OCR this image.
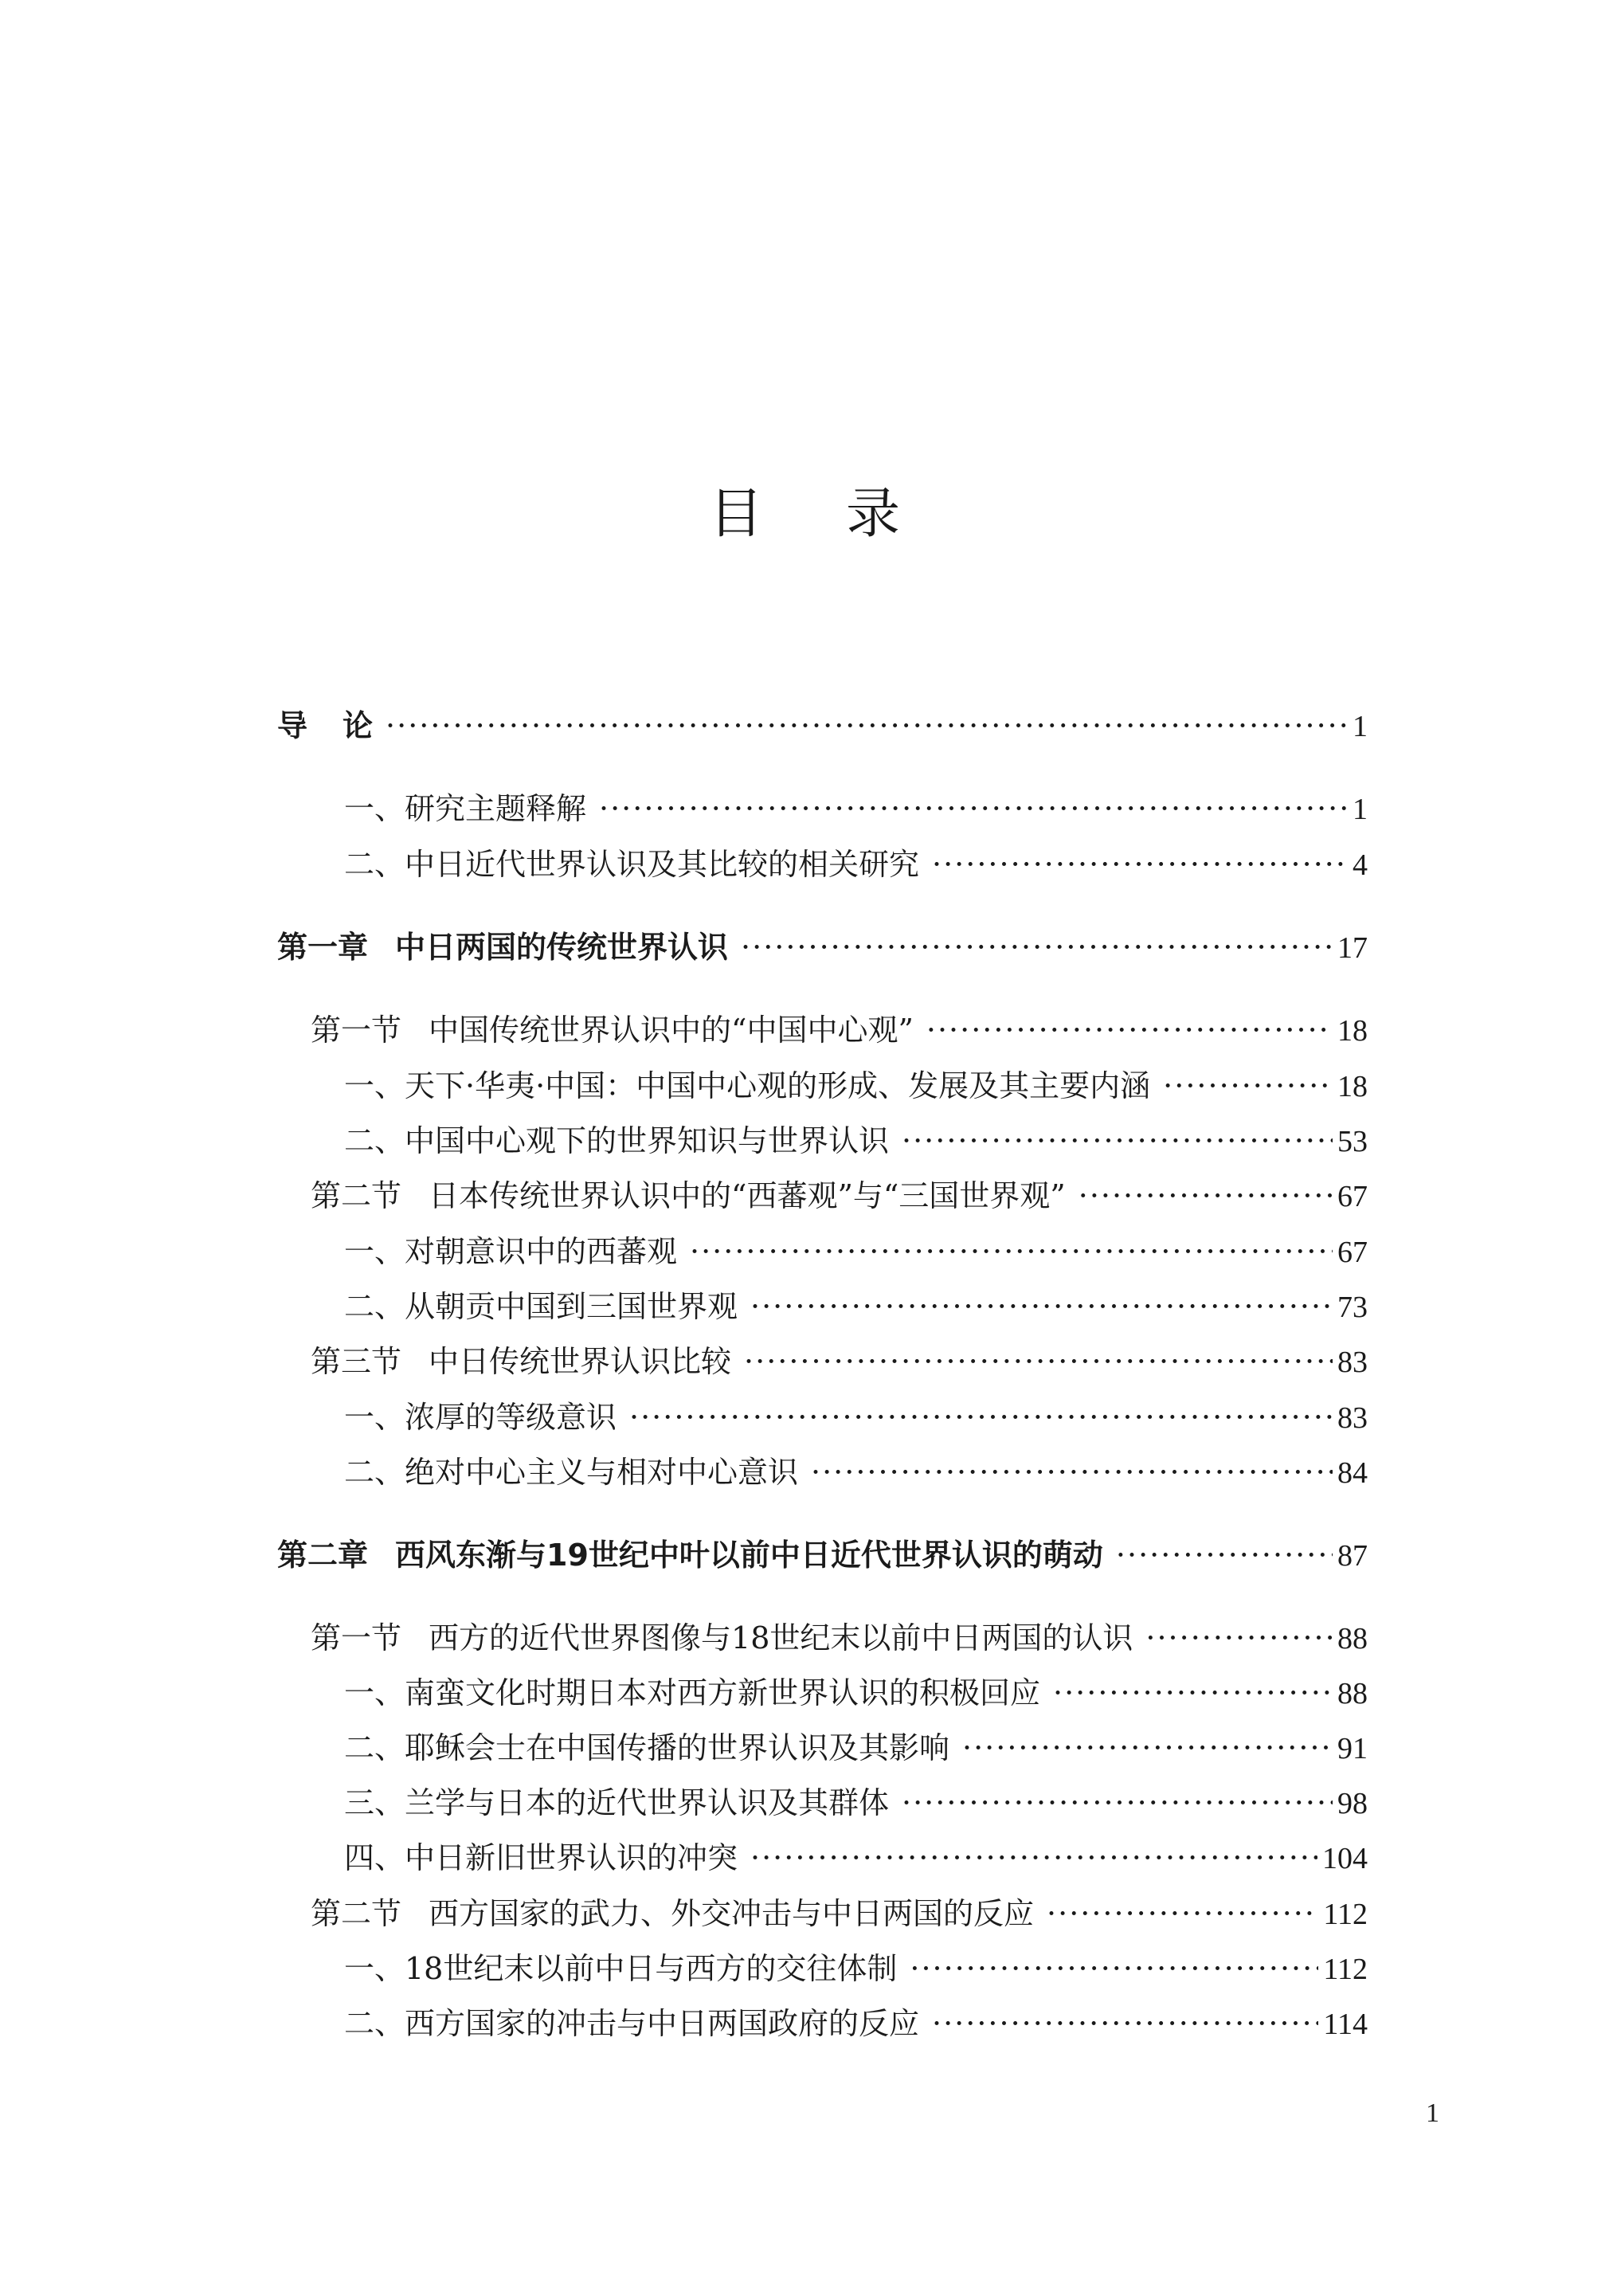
目 录
导 论 ·····	1
一、研究主题释解 ·····	1
二、中日近代世界认识及其比较的相关研究 ·····	4
第一章 中日两国的传统世界认识 ·····	17
第一节 中国传统世界认识中的“中国中心观” ·····	18
一、天下·华夷·中国：中国中心观的形成、发展及其主要内涵 ·····	18
二、中国中心观下的世界知识与世界认识 ·····	53
第二节 日本传统世界认识中的“西蕃观”与“三国世界观” ·····	67
一、对朝意识中的西蕃观 ·····	67
二、从朝贡中国到三国世界观 ·····	73
第三节 中日传统世界认识比较 ·····	83
一、浓厚的等级意识 ·····	83
二、绝对中心主义与相对中心意识 ·····	84
第二章 西风东渐与19世纪中叶以前中日近代世界认识的萌动 ·····	87
第一节 西方的近代世界图像与18世纪末以前中日两国的认识 ·····	88
一、南蛮文化时期日本对西方新世界认识的积极回应 ·····	88
二、耶稣会士在中国传播的世界认识及其影响 ·····	91
三、兰学与日本的近代世界认识及其群体 ·····	98
四、中日新旧世界认识的冲突 ·····	104
第二节 西方国家的武力、外交冲击与中日两国的反应 ·····	112
一、18世纪末以前中日与西方的交往体制 ·····	112
二、西方国家的冲击与中日两国政府的反应 ·····	114
1
